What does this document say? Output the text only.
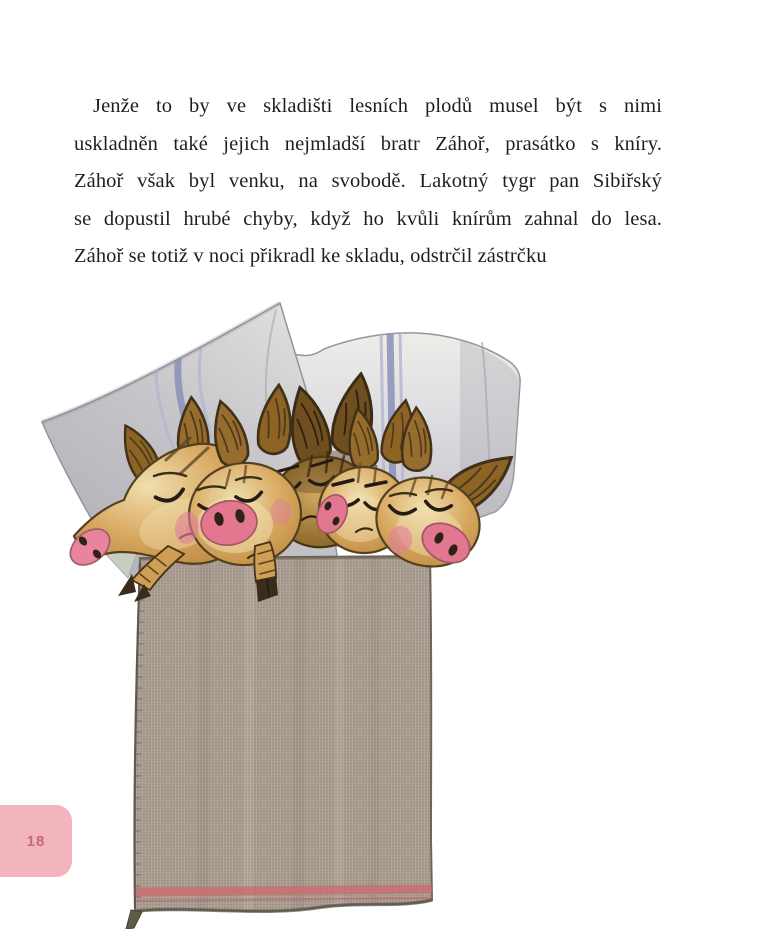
Jenže to by ve skladišti lesních plodů musel být s nimi
uskladněn také jejich nejmladší bratr Záhoř, prasátko s kníry.
Záhoř však byl venku, na svobodě. Lakotný tygr pan Sibiřský
se dopustil hrubé chyby, když ho kvůli knírům zahnal do lesa.
Záhoř se totiž v noci přikradl ke skladu, odstrčil zástrčku
18
